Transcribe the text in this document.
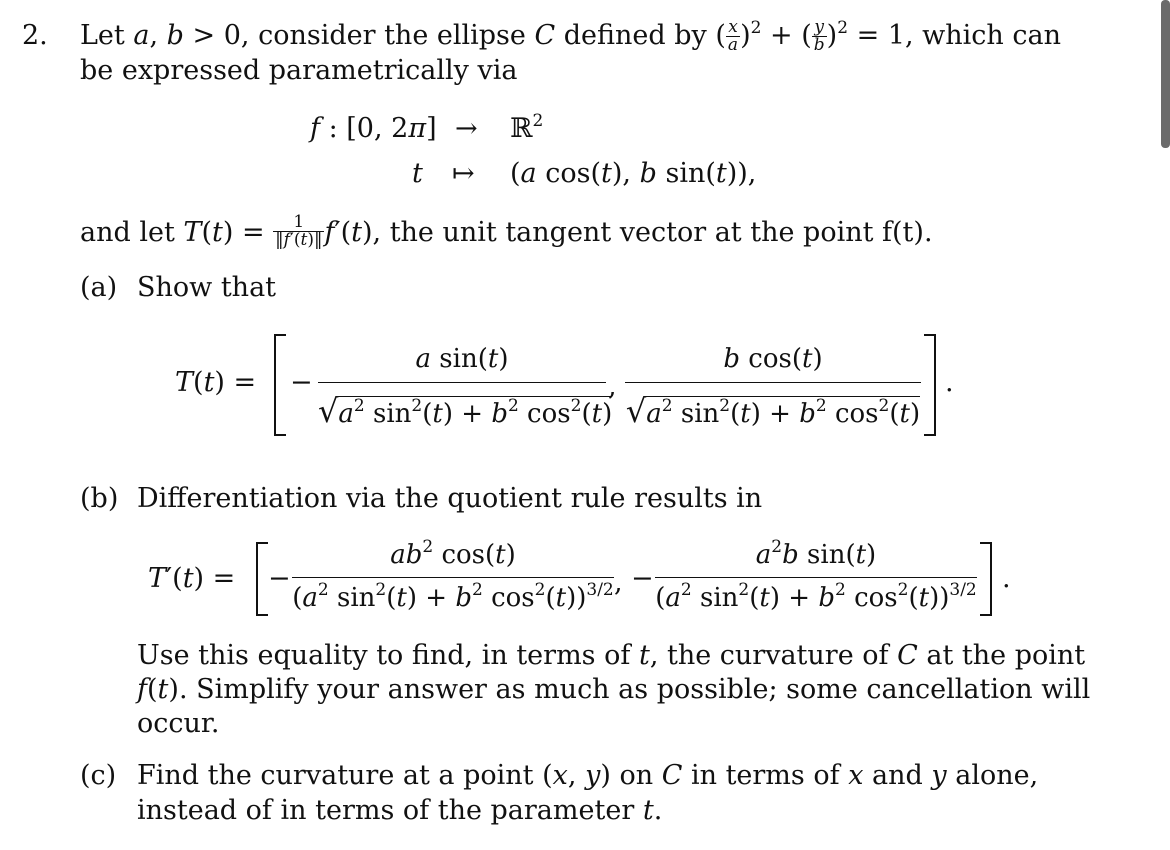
2. Let a, b > 0, consider the ellipse C defined by ( $\frac{x}{a} )^2$ + ( $\frac{y}{b} )^2 = 1$, which can
be expressed parametrically via
f : [0, 2π] → ℝ$^2$
t ↦ (a cos(t), b sin(t)),
and let $T(t) = \frac{1}{‖f'(t)‖} f'(t)$, the unit tangent vector at the point f(t).
(a) Show that
T(t) = −
a sin(t)
$√a^2$ $\sin^2(t) + b^2$ $\cos^2(t)$
,
b cos(t)
$√a^2$ $\sin^2(t) + b^2$ $\cos^2(t)$
.
(b) Differentiation via the quotient rule results in
T′(t) = −
$ab^2$ cos(t)
($a^2$ $\sin^2(t) + b^2$ $\cos^2(t))^{3/2}$ , −
$a^2b$ sin(t)
($a^2$ $\sin^2(t) + b^2$ $\cos^2(t))^{3/2}$ .
Use this equality to find, in terms of t, the curvature of C at the point
f(t). Simplify your answer as much as possible; some cancellation will
occur.
(c) Find the curvature at a point (x, y) on C in terms of x and y alone,
instead of in terms of the parameter t.
